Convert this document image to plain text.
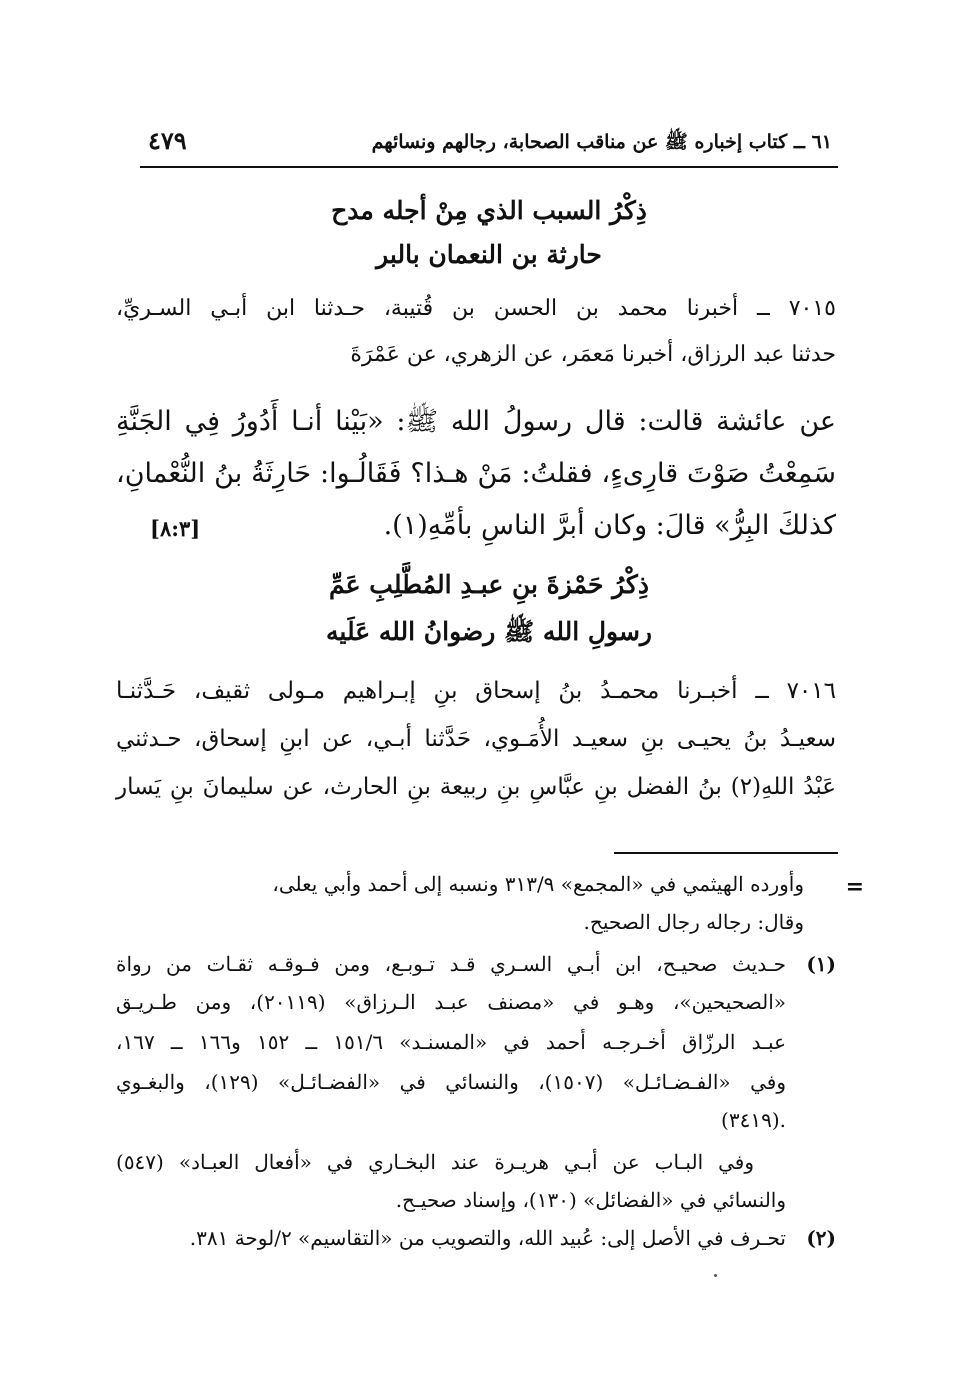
٦١ ــ كتاب إخباره ﷺ عن مناقب الصحابة، رجالهم ونسائهم
٤٧٩
ذِكْرُ السبب الذي مِنْ أجله مدح
حارثة بن النعمان بالبر
٧٠١٥ ــ أخبرنا محمد بن الحسن بن قُتيبة، حـدثنا ابن أبـي السـريِّ،
حدثنا عبد الرزاق، أخبرنا مَعمَر، عن الزهري، عن عَمْرَةَ
عن عائشة قالت: قال رسولُ الله ﷺ: «بَيْنا أنـا أَدُورُ فِي الجَنَّةِ
سَمِعْتُ صَوْتَ قارِىءٍ، فقلتُ: مَنْ هـذا؟ فَقَالُـوا: حَارِثَةُ بنُ النُّعْمانِ،
كذلكَ البِرُّ» قالَ: وكان أبرَّ الناسِ بأمِّهِ(١).
[٨:٣]
ذِكْرُ حَمْزةَ بنِ عبـدِ المُطَّلِبِ عَمِّ
رسولِ الله ﷺ رضوانُ الله عَلَيه
٧٠١٦ ــ أخبـرنا محمـدُ بنُ إسحاق بنِ إبـراهيم مـولى ثقيف، حَـدَّثنـا
سعيـدُ بنُ يحيـى بنِ سعيـد الأُمَـوي، حَدَّثنا أبـي، عن ابنِ إسحاق، حـدثني
عَبْدُ اللهِ(٢) بنُ الفضل بنِ عبَّاسِ بنِ ربيعة بنِ الحارث، عن سليمانَ بنِ يَسار
=
وأورده الهيثمي في «المجمع» ٣١٣/٩ ونسبه إلى أحمد وأبي يعلى،
وقال: رجاله رجال الصحيح.
(١)
حـديث صحيـح، ابن أبـي السـري قـد تـوبـع، ومن فـوقـه ثقـات من رواة
«الصحيحين»، وهـو في «مصنف عبـد الـرزاق» (٢٠١١٩)، ومن طـريـق
عبـد الرزّاق أخـرجـه أحمد في «المسنـد» ١٥١/٦ ــ ١٥٢ و١٦٦ ــ ١٦٧،
وفي «الفـضـائـل» (١٥٠٧)، والنسائي في «الفضـائـل» (١٢٩)، والبغـوي
(٣٤١٩).
وفي البـاب عن أبـي هريـرة عند البخـاري في «أفعال العبـاد» (٥٤٧)
والنسائي في «الفضائل» (١٣٠)، وإسناد صحيـح.
(٢)
تحـرف في الأصل إلى: عُبيد الله، والتصويب من «التقاسيم» ٢/لوحة ٣٨١.
